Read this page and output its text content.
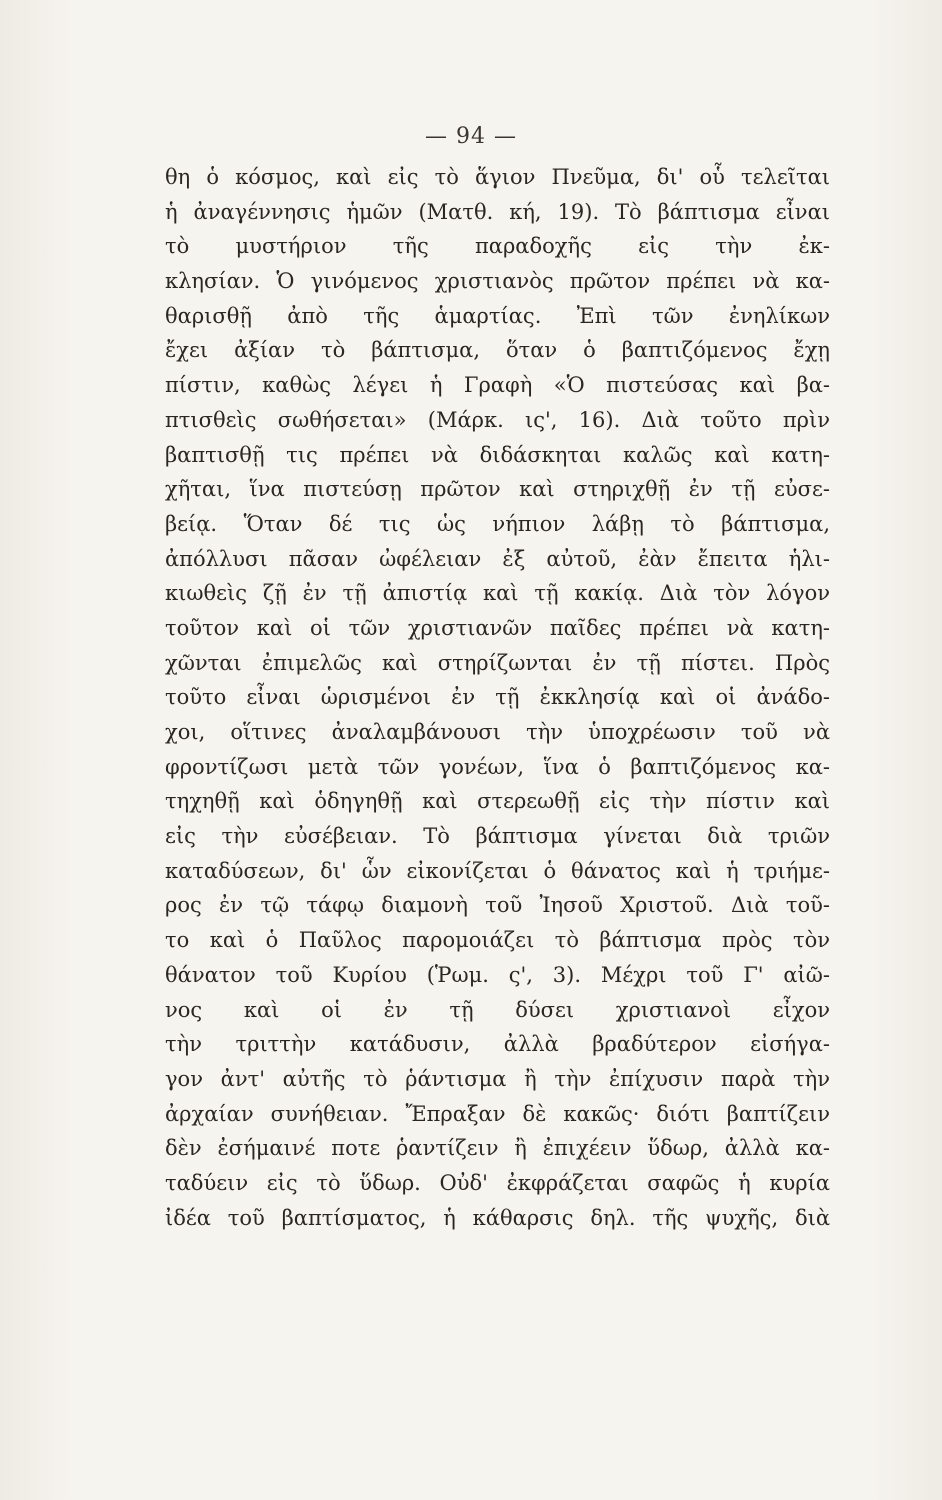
— 94 —
θη ὁ κόσμος, καὶ εἰς τὸ ἅγιον Πνεῦμα, δι' οὗ τελεῖται
ἡ ἀναγέννησις ἡμῶν (Ματθ. κή, 19). Τὸ βάπτισμα εἶναι
τὸ μυστήριον τῆς παραδοχῆς εἰς τὴν ἐκ-
κλησίαν. Ὁ γινόμενος χριστιανὸς πρῶτον πρέπει νὰ κα-
θαρισθῇ ἀπὸ τῆς ἁμαρτίας. Ἐπὶ τῶν ἐνηλίκων
ἔχει ἀξίαν τὸ βάπτισμα, ὅταν ὁ βαπτιζόμενος ἔχῃ
πίστιν, καθὼς λέγει ἡ Γραφὴ «Ὁ πιστεύσας καὶ βα-
πτισθεὶς σωθήσεται» (Μάρκ. ις', 16). Διὰ τοῦτο πρὶν
βαπτισθῇ τις πρέπει νὰ διδάσκηται καλῶς καὶ κατη-
χῆται, ἵνα πιστεύσῃ πρῶτον καὶ στηριχθῇ ἐν τῇ εὐσε-
βείᾳ. Ὅταν δέ τις ὡς νήπιον λάβῃ τὸ βάπτισμα,
ἀπόλλυσι πᾶσαν ὠφέλειαν ἐξ αὐτοῦ, ἐὰν ἔπειτα ἡλι-
κιωθεὶς ζῇ ἐν τῇ ἀπιστίᾳ καὶ τῇ κακίᾳ. Διὰ τὸν λόγον
τοῦτον καὶ οἱ τῶν χριστιανῶν παῖδες πρέπει νὰ κατη-
χῶνται ἐπιμελῶς καὶ στηρίζωνται ἐν τῇ πίστει. Πρὸς
τοῦτο εἶναι ὡρισμένοι ἐν τῇ ἐκκλησίᾳ καὶ οἱ ἀνάδο-
χοι, οἵτινες ἀναλαμβάνουσι τὴν ὑποχρέωσιν τοῦ νὰ
φροντίζωσι μετὰ τῶν γονέων, ἵνα ὁ βαπτιζόμενος κα-
τηχηθῇ καὶ ὁδηγηθῇ καὶ στερεωθῇ εἰς τὴν πίστιν καὶ
εἰς τὴν εὐσέβειαν. Τὸ βάπτισμα γίνεται διὰ τριῶν
καταδύσεων, δι' ὧν εἰκονίζεται ὁ θάνατος καὶ ἡ τριήμε-
ρος ἐν τῷ τάφῳ διαμονὴ τοῦ Ἰησοῦ Χριστοῦ. Διὰ τοῦ-
το καὶ ὁ Παῦλος παρομοιάζει τὸ βάπτισμα πρὸς τὸν
θάνατον τοῦ Κυρίου (Ῥωμ. ς', 3). Μέχρι τοῦ Γ' αἰῶ-
νος καὶ οἱ ἐν τῇ δύσει χριστιανοὶ εἶχον
τὴν τριττὴν κατάδυσιν, ἀλλὰ βραδύτερον εἰσήγα-
γον ἀντ' αὐτῆς τὸ ῥάντισμα ἢ τὴν ἐπίχυσιν παρὰ τὴν
ἀρχαίαν συνήθειαν. Ἔπραξαν δὲ κακῶς· διότι βαπτίζειν
δὲν ἐσήμαινέ ποτε ῥαντίζειν ἢ ἐπιχέειν ὕδωρ, ἀλλὰ κα-
ταδύειν εἰς τὸ ὕδωρ. Οὐδ' ἐκφράζεται σαφῶς ἡ κυρία
ἰδέα τοῦ βαπτίσματος, ἡ κάθαρσις δηλ. τῆς ψυχῆς, διὰ
